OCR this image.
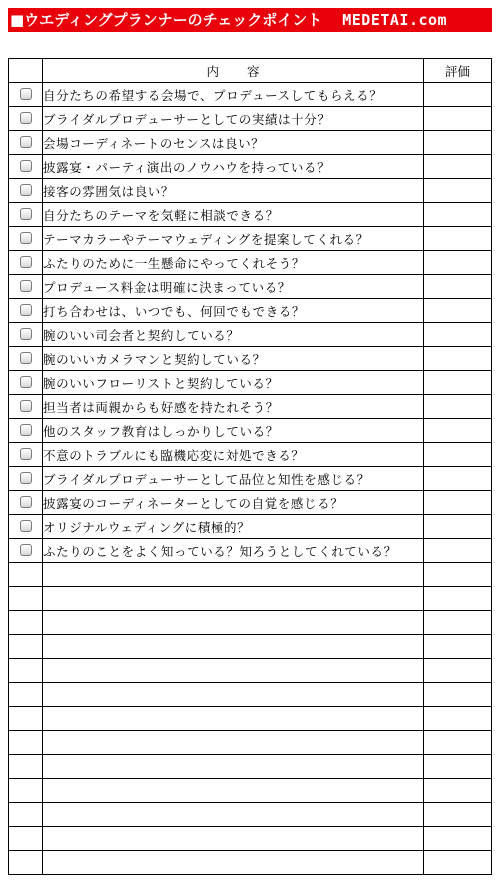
■ウエディングプランナーのチェックポイント MEDETAI.com
	内 容	評価
	自分たちの希望する会場で、プロデュースしてもらえる？	
	ブライダルプロデューサーとしての実績は十分？	
	会場コーディネートのセンスは良い？	
	披露宴・パーティ演出のノウハウを持っている？	
	接客の雰囲気は良い？	
	自分たちのテーマを気軽に相談できる？	
	テーマカラーやテーマウェディングを提案してくれる？	
	ふたりのために一生懸命にやってくれそう？	
	プロデュース料金は明確に決まっている？	
	打ち合わせは、いつでも、何回でもできる？	
	腕のいい司会者と契約している？	
	腕のいいカメラマンと契約している？	
	腕のいいフローリストと契約している？	
	担当者は両親からも好感を持たれそう？	
	他のスタッフ教育はしっかりしている？	
	不意のトラブルにも臨機応変に対処できる？	
	ブライダルプロデューサーとして品位と知性を感じる？	
	披露宴のコーディネーターとしての自覚を感じる？	
	オリジナルウェディングに積極的？	
	ふたりのことをよく知っている？知ろうとしてくれている？	
